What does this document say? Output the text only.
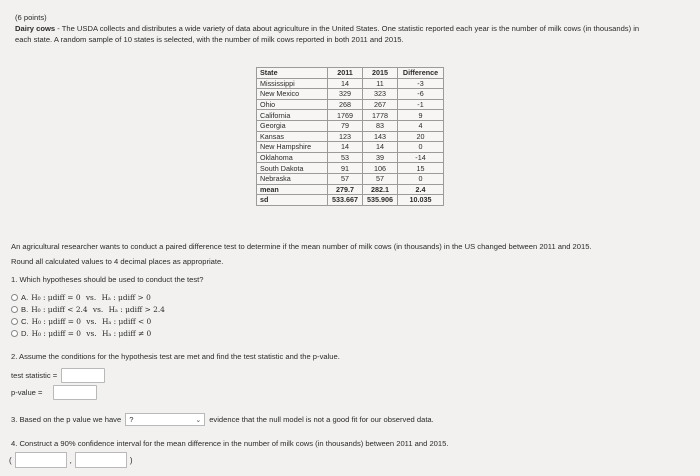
(6 points)
Dairy cows - The USDA collects and distributes a wide variety of data about agriculture in the United States. One statistic reported each year is the number of milk cows (in thousands) in
each state. A random sample of 10 states is selected, with the number of milk cows reported in both 2011 and 2015.
State	2011	2015	Difference
Mississippi	14	11	-3
New Mexico	329	323	-6
Ohio	268	267	-1
California	1769	1778	9
Georgia	79	83	4
Kansas	123	143	20
New Hampshire	14	14	0
Oklahoma	53	39	-14
South Dakota	91	106	15
Nebraska	57	57	0
mean	279.7	282.1	2.4
sd	533.667	535.906	10.035
An agricultural researcher wants to conduct a paired difference test to determine if the mean number of milk cows (in thousands) in the US changed between 2011 and 2015.
Round all calculated values to 4 decimal places as appropriate.
1. Which hypotheses should be used to conduct the test?
A. H₀ : μdiff = 0 vs. Hₐ : μdiff > 0
B. H₀ : μdiff < 2.4 vs. Hₐ : μdiff > 2.4
C. H₀ : μdiff = 0 vs. Hₐ : μdiff < 0
D. H₀ : μdiff = 0 vs. Hₐ : μdiff ≠ 0
2. Assume the conditions for the hypothesis test are met and find the test statistic and the p-value.
test statistic =
p-value =
3. Based on the p value we have ?	⌄ evidence that the null model is not a good fit for our observed data.
4. Construct a 90% confidence interval for the mean difference in the number of milk cows (in thousands) between 2011 and 2015.
(	,	)
